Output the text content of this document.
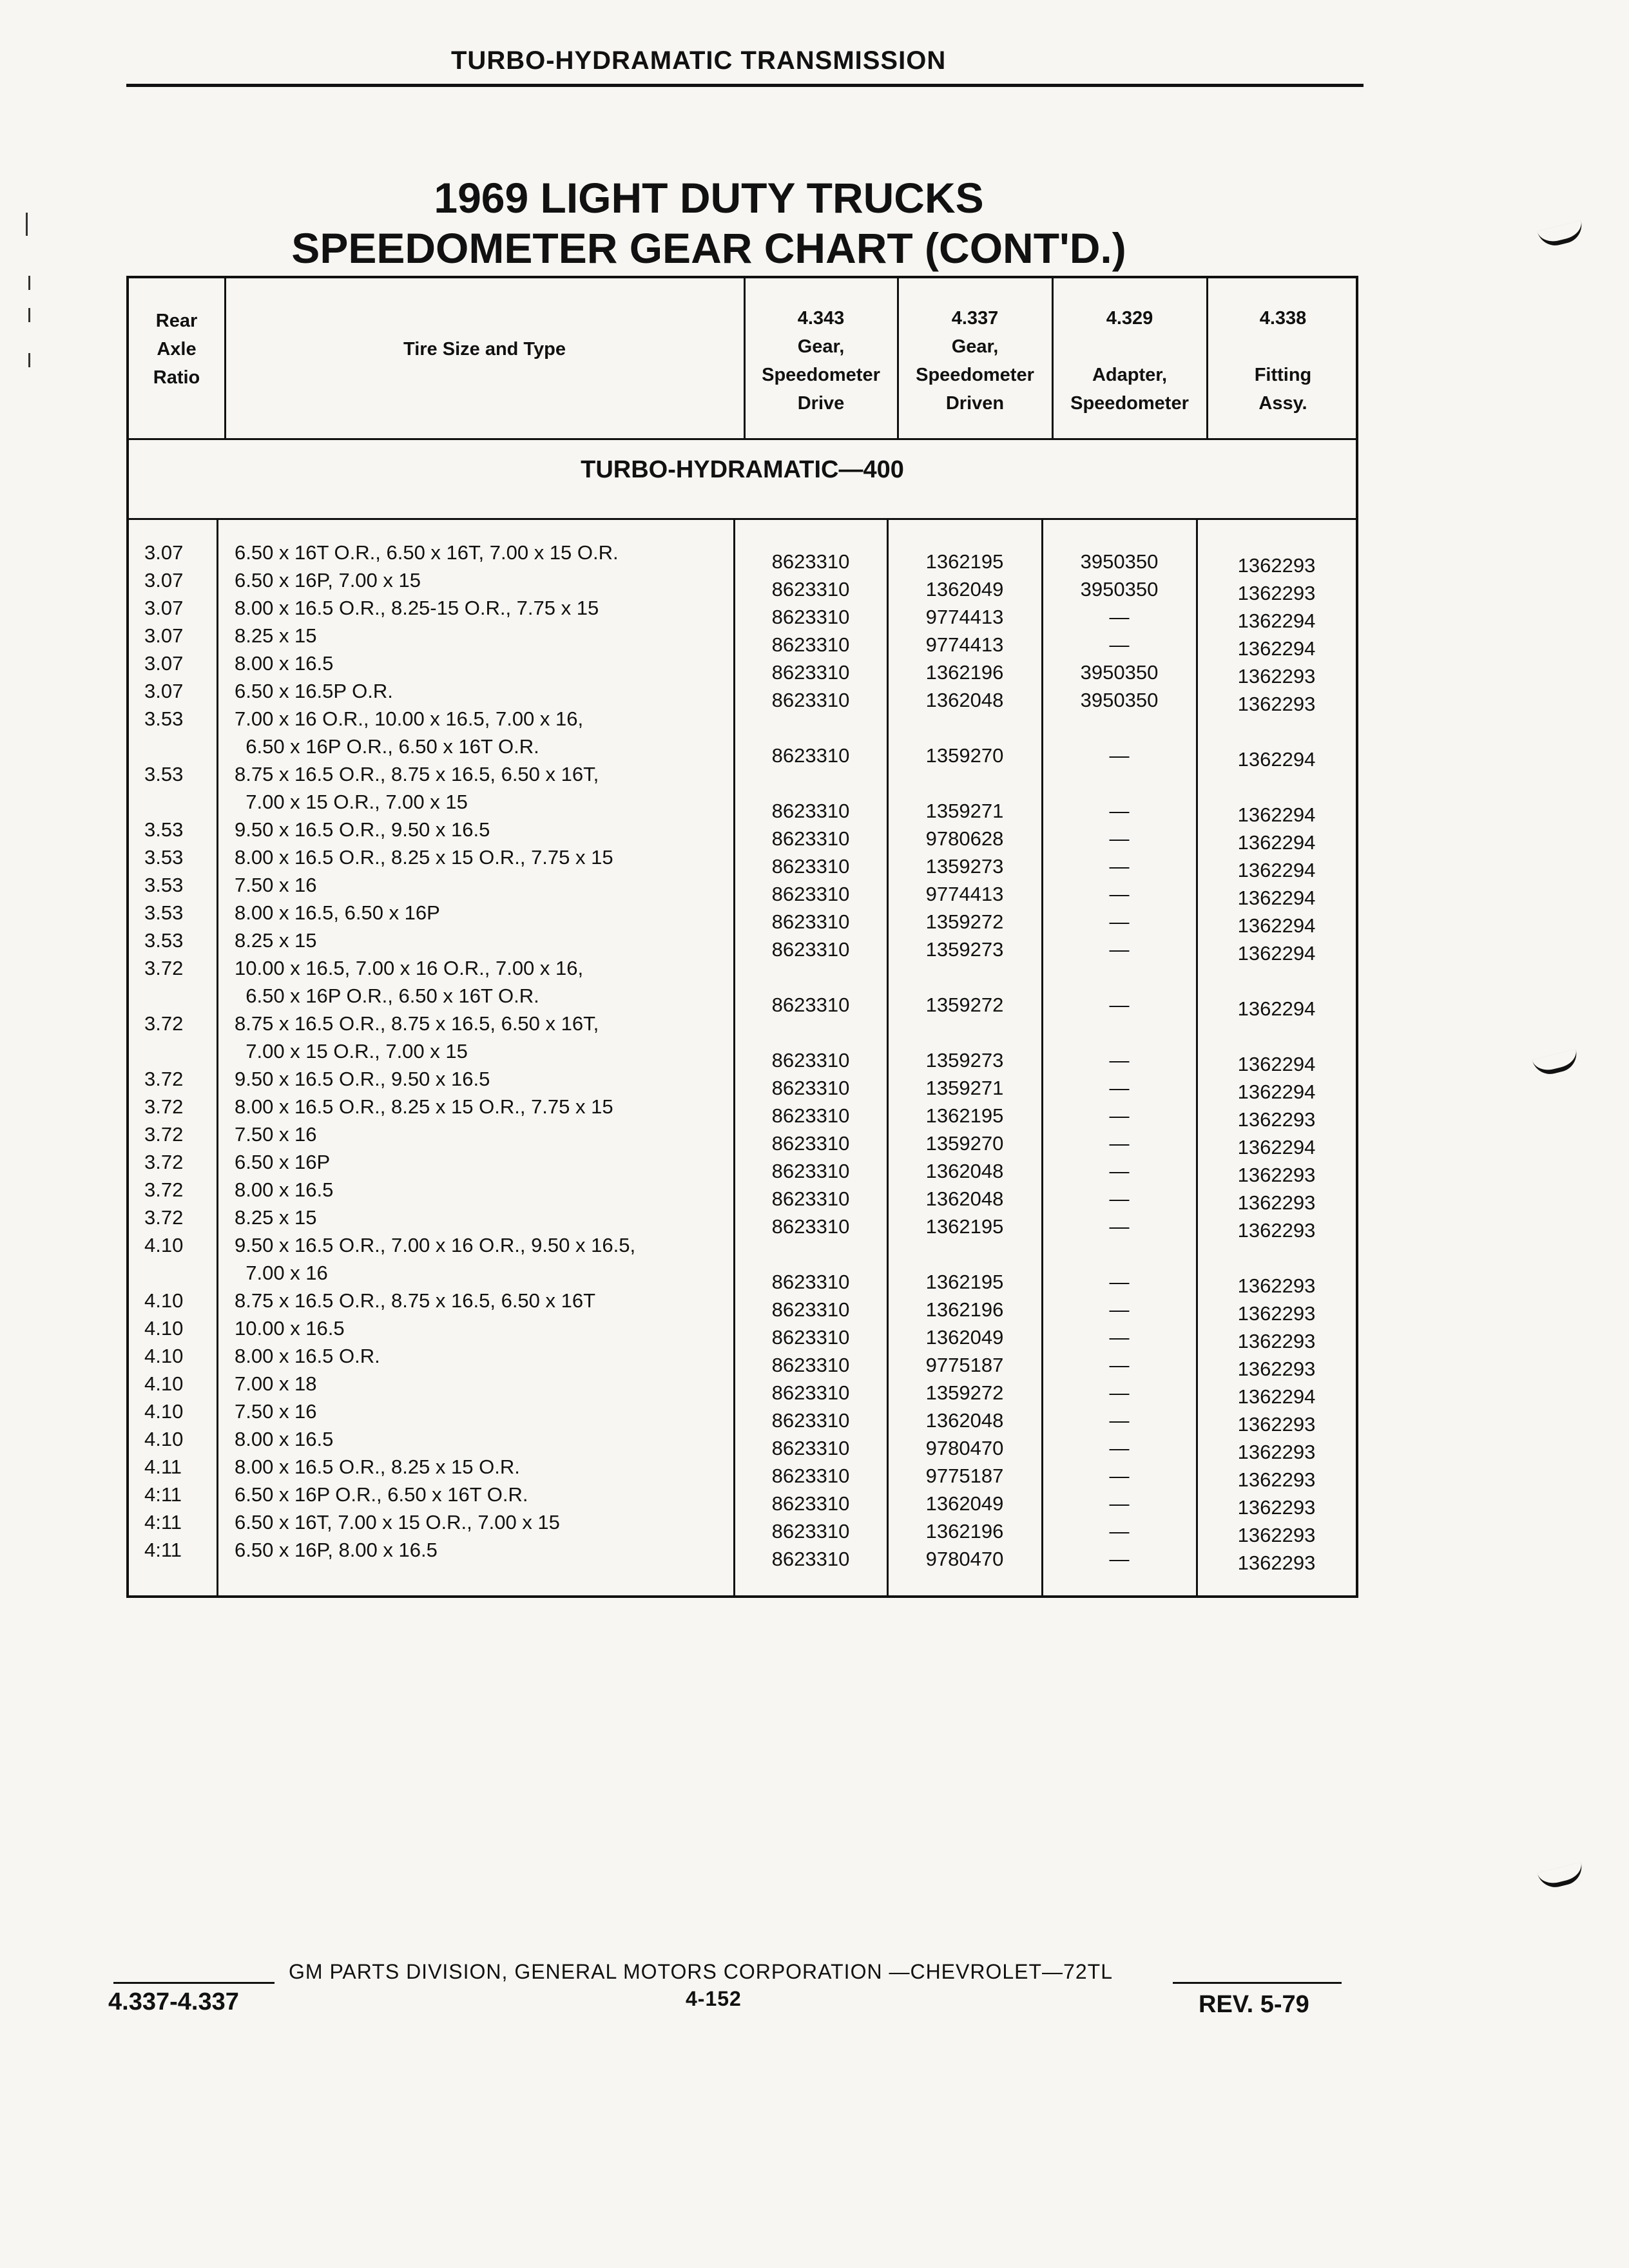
TURBO-HYDRAMATIC TRANSMISSION
1969 LIGHT DUTY TRUCKS
SPEEDOMETER GEAR CHART (CONT'D.)
Rear
Axle
Ratio
Tire Size and Type
4.343
Gear,
Speedometer
Drive
4.337
Gear,
Speedometer
Driven
4.329

Adapter,
Speedometer
4.338

Fitting
Assy.
TURBO-HYDRAMATIC—400
3.07	6.50 x 16T O.R., 6.50 x 16T, 7.00 x 15 O.R.	8623310	1362195	3950350	1362293
3.07	6.50 x 16P, 7.00 x 15	8623310	1362049	3950350	1362293
3.07	8.00 x 16.5 O.R., 8.25-15 O.R., 7.75 x 15	8623310	9774413	—	1362294
3.07	8.25 x 15	8623310	9774413	—	1362294
3.07	8.00 x 16.5	8623310	1362196	3950350	1362293
3.07	6.50 x 16.5P O.R.	8623310	1362048	3950350	1362293
3.53	7.00 x 16 O.R., 10.00 x 16.5, 7.00 x 16,
6.50 x 16P O.R., 6.50 x 16T O.R.	8623310	1359270	—	1362294
3.53	8.75 x 16.5 O.R., 8.75 x 16.5, 6.50 x 16T,
7.00 x 15 O.R., 7.00 x 15	8623310	1359271	—	1362294
3.53	9.50 x 16.5 O.R., 9.50 x 16.5	8623310	9780628	—	1362294
3.53	8.00 x 16.5 O.R., 8.25 x 15 O.R., 7.75 x 15	8623310	1359273	—	1362294
3.53	7.50 x 16	8623310	9774413	—	1362294
3.53	8.00 x 16.5, 6.50 x 16P	8623310	1359272	—	1362294
3.53	8.25 x 15	8623310	1359273	—	1362294
3.72	10.00 x 16.5, 7.00 x 16 O.R., 7.00 x 16,
6.50 x 16P O.R., 6.50 x 16T O.R.	8623310	1359272	—	1362294
3.72	8.75 x 16.5 O.R., 8.75 x 16.5, 6.50 x 16T,
7.00 x 15 O.R., 7.00 x 15	8623310	1359273	—	1362294
3.72	9.50 x 16.5 O.R., 9.50 x 16.5	8623310	1359271	—	1362294
3.72	8.00 x 16.5 O.R., 8.25 x 15 O.R., 7.75 x 15	8623310	1362195	—	1362293
3.72	7.50 x 16	8623310	1359270	—	1362294
3.72	6.50 x 16P	8623310	1362048	—	1362293
3.72	8.00 x 16.5	8623310	1362048	—	1362293
3.72	8.25 x 15	8623310	1362195	—	1362293
4.10	9.50 x 16.5 O.R., 7.00 x 16 O.R., 9.50 x 16.5,
7.00 x 16	8623310	1362195	—	1362293
4.10	8.75 x 16.5 O.R., 8.75 x 16.5, 6.50 x 16T	8623310	1362196	—	1362293
4.10	10.00 x 16.5	8623310	1362049	—	1362293
4.10	8.00 x 16.5 O.R.	8623310	9775187	—	1362293
4.10	7.00 x 18	8623310	1359272	—	1362294
4.10	7.50 x 16	8623310	1362048	—	1362293
4.10	8.00 x 16.5	8623310	9780470	—	1362293
4.11	8.00 x 16.5 O.R., 8.25 x 15 O.R.	8623310	9775187	—	1362293
4:11	6.50 x 16P O.R., 6.50 x 16T O.R.	8623310	1362049	—	1362293
4:11	6.50 x 16T, 7.00 x 15 O.R., 7.00 x 15	8623310	1362196	—	1362293
4:11	6.50 x 16P, 8.00 x 16.5	8623310	9780470	—	1362293
4.337-4.337
GM PARTS DIVISION, GENERAL MOTORS CORPORATION —CHEVROLET—72TL
4-152	REV. 5-79
